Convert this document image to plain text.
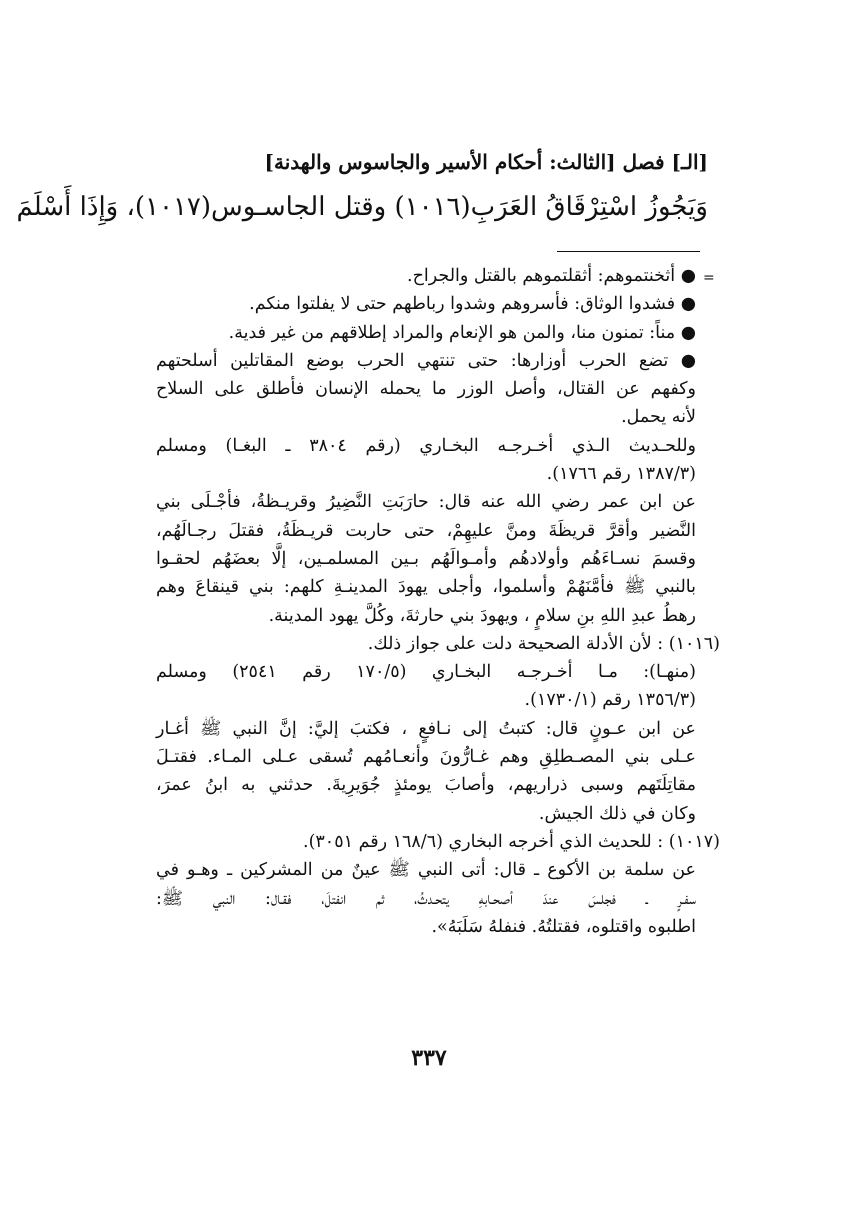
[الـ] فصل [الثالث: أحكام الأسير والجاسوس والهدنة]
وَيَجُوزُ اسْتِرْقَاقُ العَرَبِ(١٠١٦) وقتل الجاسـوس(١٠١٧)، وَإِذَا أَسْلَمَ
=
● أثخنتموهم: أثقلتموهم بالقتل والجراح.
● فشدوا الوثاق: فأسروهم وشدوا رباطهم حتى لا يفلتوا منكم.
● مناً: تمنون منا، والمن هو الإنعام والمراد إطلاقهم من غير فدية.
● تضع الحرب أوزارها: حتى تنتهي الحرب بوضع المقاتلين أسلحتهم
وكفهم عن القتال، وأصل الوزر ما يحمله الإنسان فأطلق على السلاح
لأنه يحمل.
وللحـديث الـذي أخـرجـه البخـاري (رقم ٣٨٠٤ ـ البغـا) ومسلم
(١٣٨٧/٣ رقم ١٧٦٦).
عن ابن عمر رضي الله عنه قال: حارَبَتِ النَّضِيرُ وقريـظةُ، فأجْـلَى بني
النَّضير وأقرَّ قريظَةَ ومنَّ عليهِمْ، حتى حاربت قريـظَةُ، فقتلَ رجـالَهُم،
وقسمَ نسـاءَهُم وأولادهُم وأمـوالَهُم بـين المسلمـين، إلَّا بعضَهُم لحقـوا
بالنبي ﷺ فأمَّنَهُمْ وأسلموا، وأجلى يهودَ المدينـةِ كلهم: بني قينقاعَ وهم
رهطُ عبدِ اللهِ بنِ سلامٍ ، ويهودَ بني حارثةَ، وكُلَّ يهود المدينة.
(١٠١٦) : لأن الأدلة الصحيحة دلت على جواز ذلك.
(منهـا): مـا أخـرجـه البخـاري (١٧٠/٥ رقم ٢٥٤١) ومسلم
(١٣٥٦/٣ رقم (١٧٣٠/١).
عن ابن عـونٍ قال: كتبتُ إلى نـافعٍ ، فكتبَ إليَّ: إنَّ النبي ﷺ أغـار
عـلى بني المصـطلِقِ وهم غـارُّونَ وأنعـامُهم تُسقى عـلى المـاء. فقتـلَ
مقاتِلَتَهم وسبى ذراريهم، وأصابَ يومئذٍ جُوَيرِيةَ. حدثني به ابنُ عمرَ،
وكان في ذلك الجيش.
(١٠١٧) : للحديث الذي أخرجه البخاري (١٦٨/٦ رقم ٣٠٥١).
عن سلمة بن الأكوع ـ قال: أتى النبي ﷺ عينٌ من المشركين ـ وهـو في
سفـرٍ ـ فجلسَ عندَ أصحـابهِ يتحـدثُ، ثم انفتلَ، فقـال: النبي ﷺ:
اطلبوه واقتلوه، فقتلتُهُ. فنفلهُ سَلَبَهُ».
٣٣٧
